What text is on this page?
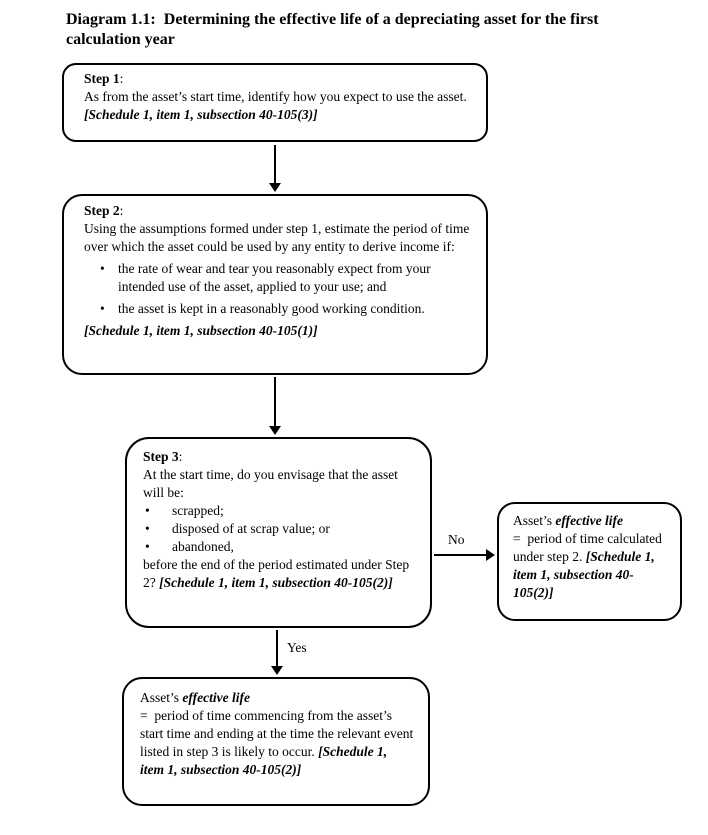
Diagram 1.1:  Determining the effective life of a depreciating asset for the first calculation year
Step 1:
As from the asset’s start time, identify how you expect to use the asset. [Schedule 1, item 1, subsection 40-105(3)]
Step 2:
Using the assumptions formed under step 1, estimate the period of time over which the asset could be used by any entity to derive income if:
• the rate of wear and tear you reasonably expect from your intended use of the asset, applied to your use; and
• the asset is kept in a reasonably good working condition.
[Schedule 1, item 1, subsection 40-105(1)]
Step 3:
At the start time, do you envisage that the asset will be:
•	scrapped;
•	disposed of at scrap value; or
•	abandoned,
before the end of the period estimated under Step 2? [Schedule 1, item 1, subsection 40-105(2)]
No
Asset’s effective life
=  period of time calculated under step 2. [Schedule 1, item 1, subsection 40-105(2)]
Yes
Asset’s effective life
=  period of time commencing from the asset’s start time and ending at the time the relevant event listed in step 3 is likely to occur. [Schedule 1, item 1, subsection 40-105(2)]
